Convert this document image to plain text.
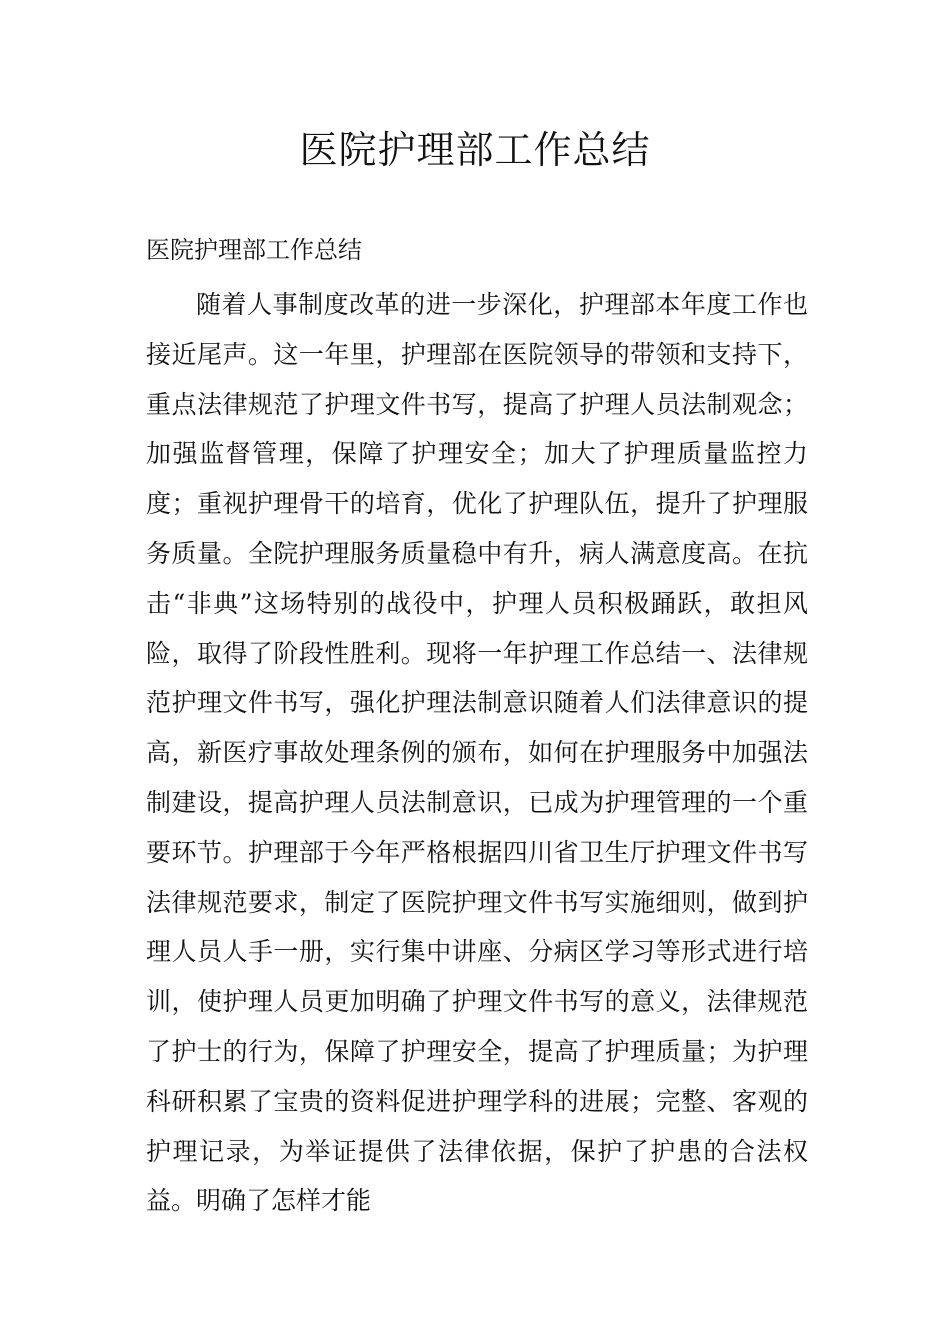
医院护理部工作总结

医院护理部工作总结

随着人事制度改革的进一步深化，护理部本年度工作也接近尾声。这一年里，护理部在医院领导的带领和支持下，重点法律规范了护理文件书写，提高了护理人员法制观念；加强监督管理，保障了护理安全；加大了护理质量监控力度；重视护理骨干的培育，优化了护理队伍，提升了护理服务质量。全院护理服务质量稳中有升，病人满意度高。在抗击“非典”这场特别的战役中，护理人员积极踊跃，敢担风险，取得了阶段性胜利。现将一年护理工作总结一、法律规范护理文件书写，强化护理法制意识随着人们法律意识的提高，新医疗事故处理条例的颁布，如何在护理服务中加强法制建设，提高护理人员法制意识，已成为护理管理的一个重要环节。护理部于今年严格根据四川省卫生厅护理文件书写法律规范要求，制定了医院护理文件书写实施细则，做到护理人员人手一册，实行集中讲座、分病区学习等形式进行培训，使护理人员更加明确了护理文件书写的意义，法律规范了护士的行为，保障了护理安全，提高了护理质量；为护理科研积累了宝贵的资料促进护理学科的进展；完整、客观的护理记录，为举证提供了法律依据，保护了护患的合法权益。明确了怎样才能
